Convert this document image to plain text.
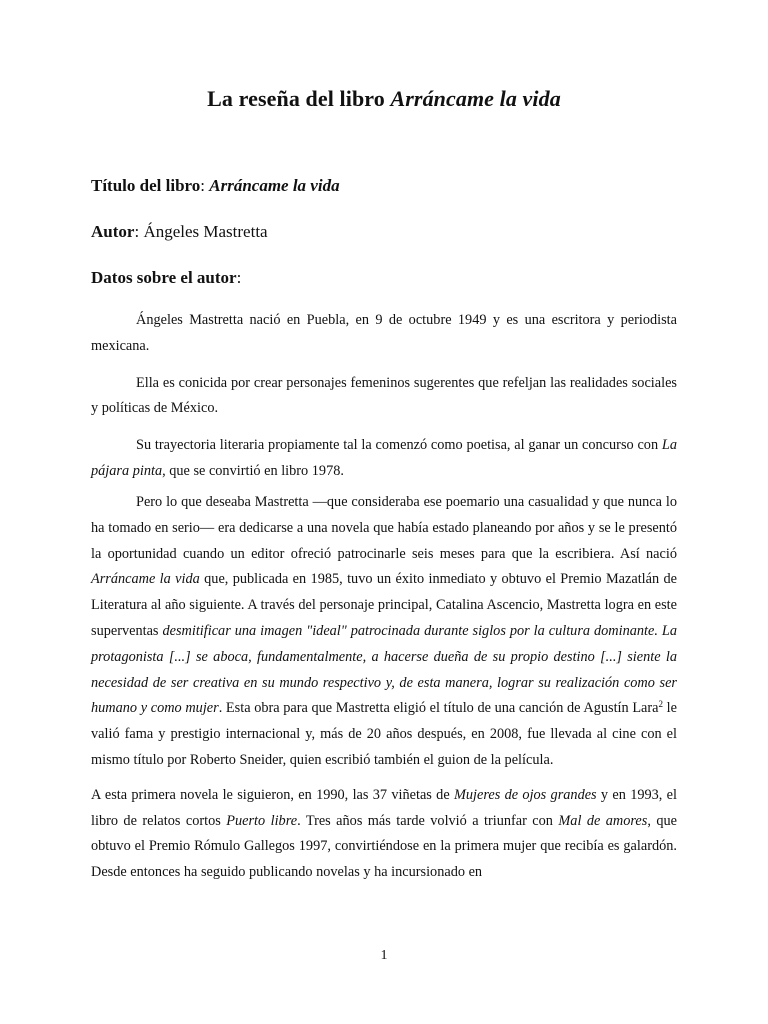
La reseña del libro Arráncame la vida
Título del libro: Arráncame la vida
Autor: Ángeles Mastretta
Datos sobre el autor:

Ángeles Mastretta nació en Puebla, en 9 de octubre 1949 y es una escritora y periodista mexicana.

Ella es conicida por crear personajes femeninos sugerentes que refeljan las realidades sociales y políticas de México.

Su trayectoria literaria propiamente tal la comenzó como poetisa, al ganar un concurso con La pájara pinta, que se convirtió en libro 1978.

Pero lo que deseaba Mastretta —que consideraba ese poemario una casualidad y que nunca lo ha tomado en serio— era dedicarse a una novela que había estado planeando por años y se le presentó la oportunidad cuando un editor ofreció patrocinarle seis meses para que la escribiera. Así nació Arráncame la vida que, publicada en 1985, tuvo un éxito inmediato y obtuvo el Premio Mazatlán de Literatura al año siguiente. A través del personaje principal, Catalina Ascencio, Mastretta logra en este superventas desmitificar una imagen "ideal" patrocinada durante siglos por la cultura dominante. La protagonista [...] se aboca, fundamentalmente, a hacerse dueña de su propio destino [...] siente la necesidad de ser creativa en su mundo respectivo y, de esta manera, lograr su realización como ser humano y como mujer. Esta obra para que Mastretta eligió el título de una canción de Agustín Lara$^2$ le valió fama y prestigio internacional y, más de 20 años después, en 2008, fue llevada al cine con el mismo título por Roberto Sneider, quien escribió también el guion de la película.

A esta primera novela le siguieron, en 1990, las 37 viñetas de Mujeres de ojos grandes y en 1993, el libro de relatos cortos Puerto libre. Tres años más tarde volvió a triunfar con Mal de amores, que obtuvo el Premio Rómulo Gallegos 1997, convirtiéndose en la primera mujer que recibía es galardón. Desde entonces ha seguido publicando novelas y ha incursionado en

1
